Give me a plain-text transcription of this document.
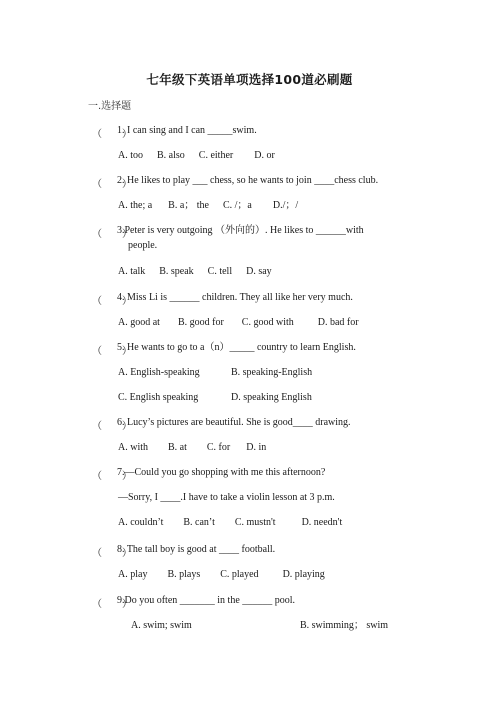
七年级下英语单项选择100道必刷题
一.选择题
（　　）
1. I can sing and I can _____swim.
A. too B. also C. either D. or
（　　）
2. He likes to play ___ chess, so he wants to join ____chess club.
A. the; a B. a； the C. /；a D./；/
（　　）
3.Peter is very outgoing （外向的）. He likes to ______with
people.
A. talk B. speak C. tell D. say
（　　）
4. Miss Li is ______ children. They all like her very much.
A. good at B. good for C. good with D. bad for
（　　）
5. He wants to go to a（n）_____ country to learn English.
A. English-speaking	B. speaking-English
C. English speaking	D. speaking English
（　　）
6. Lucy’s pictures are beautiful. She is good____ drawing.
A. with B. at C. for D. in
（　　）
7.—Could you go shopping with me this afternoon?
—Sorry, I ____.I have to take a violin lesson at 3 p.m.
A. couldn’t B. can’t C. mustn't	D. needn't
（　　）
8. The tall boy is good at ____ football.
A. play B. plays C. played D. playing
（　　）
9.Do you often _______ in the ______ pool.
A. swim; swim	B. swimming； swim
